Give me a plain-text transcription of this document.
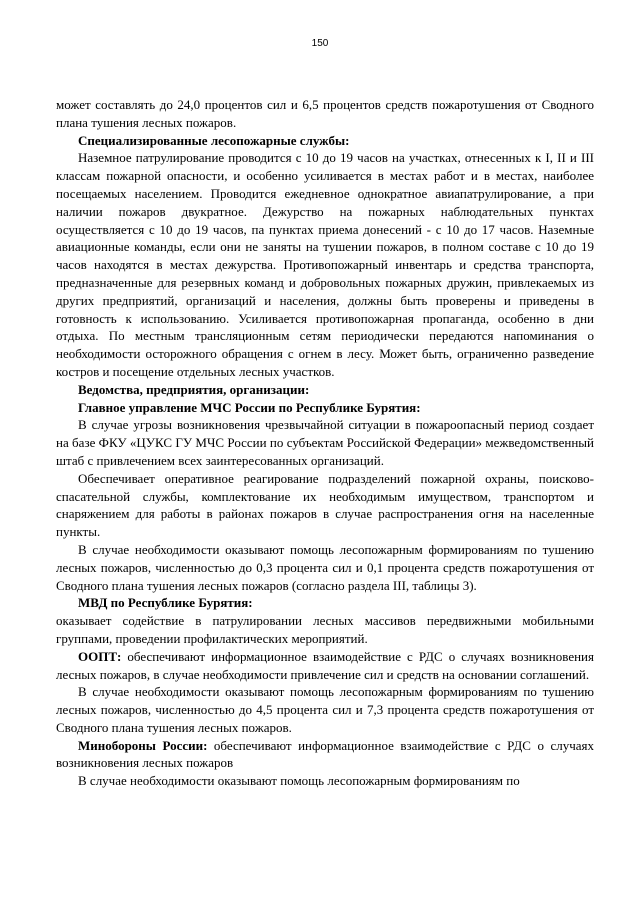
150

может составлять до 24,0 процентов сил и 6,5 процентов средств пожаротушения от Сводного плана тушения лесных пожаров.

Специализированные лесопожарные службы:

Наземное патрулирование проводится с 10 до 19 часов на участках, отнесенных к I, II и III классам пожарной опасности, и особенно усиливается в местах работ и в местах, наиболее посещаемых населением. Проводится ежедневное однократное авиапатрулирование, а при наличии пожаров двукратное. Дежурство на пожарных наблюдательных пунктах осуществляется с 10 до 19 часов, па пунктах приема донесений - с 10 до 17 часов. Наземные авиационные команды, если они не заняты на тушении пожаров, в полном составе с 10 до 19 часов находятся в местах дежурства. Противопожарный инвентарь и средства транспорта, предназначенные для резервных команд и добровольных пожарных дружин, привлекаемых из других предприятий, организаций и населения, должны быть проверены и приведены в готовность к использованию. Усиливается противопожарная пропаганда, особенно в дни отдыха. По местным трансляционным сетям периодически передаются напоминания о необходимости осторожного обращения с огнем в лесу. Может быть, ограниченно разведение костров и посещение отдельных лесных участков.

Ведомства, предприятия, организации:

Главное управление МЧС России по Республике Бурятия:

В случае угрозы возникновения чрезвычайной ситуации в пожароопасный период создает на базе ФКУ «ЦУКС ГУ МЧС России по субъектам Российской Федерации» межведомственный штаб с привлечением всех заинтересованных организаций.

Обеспечивает оперативное реагирование подразделений пожарной охраны, поисково-спасательной службы, комплектование их необходимым имуществом, транспортом и снаряжением для работы в районах пожаров в случае распространения огня на населенные пункты.

В случае необходимости оказывают помощь лесопожарным формированиям по тушению лесных пожаров, численностью до 0,3 процента сил и 0,1 процента средств пожаротушения от Сводного плана тушения лесных пожаров (согласно раздела III, таблицы 3).

МВД по Республике Бурятия:

оказывает содействие в патрулировании лесных массивов передвижными мобильными группами, проведении профилактических мероприятий.

ООПТ: обеспечивают информационное взаимодействие с РДС о случаях возникновения лесных пожаров, в случае необходимости привлечение сил и средств на основании соглашений.

В случае необходимости оказывают помощь лесопожарным формированиям по тушению лесных пожаров, численностью до 4,5 процента сил и 7,3 процента средств пожаротушения от Сводного плана тушения лесных пожаров.

Минобороны России: обеспечивают информационное взаимодействие с РДС о случаях возникновения лесных пожаров

В случае необходимости оказывают помощь лесопожарным формированиям по
